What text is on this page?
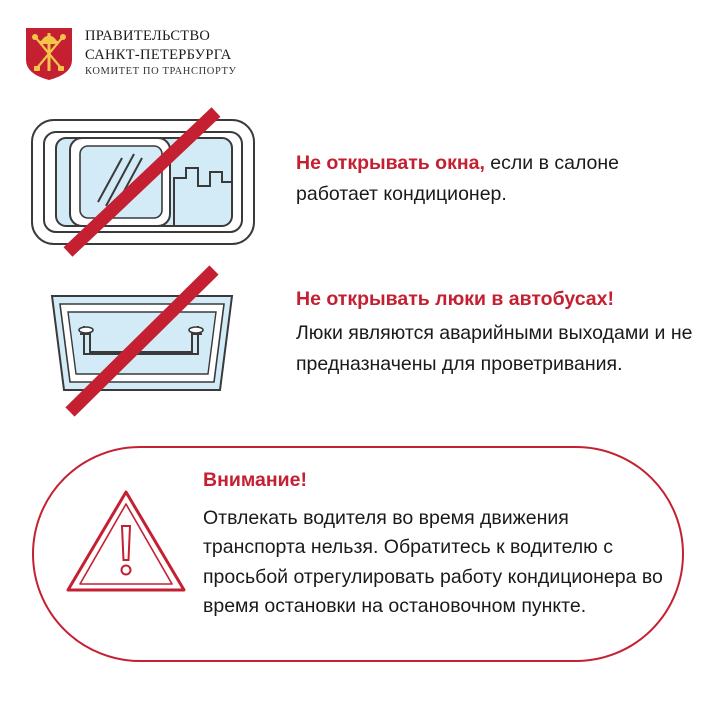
ПРАВИТЕЛЬСТВО
САНКТ-ПЕТЕРБУРГА
КОМИТЕТ ПО ТРАНСПОРТУ
Не открывать окна, если в салоне работает кондиционер.
Не открывать люки в автобусах!
Люки являются аварийными выходами и не предназначены для проветривания.
Внимание!
Отвлекать водителя во время движения транспорта нельзя. Обратитесь к водителю с просьбой отрегулировать работу кондиционера во время остановки на остановочном пункте.
